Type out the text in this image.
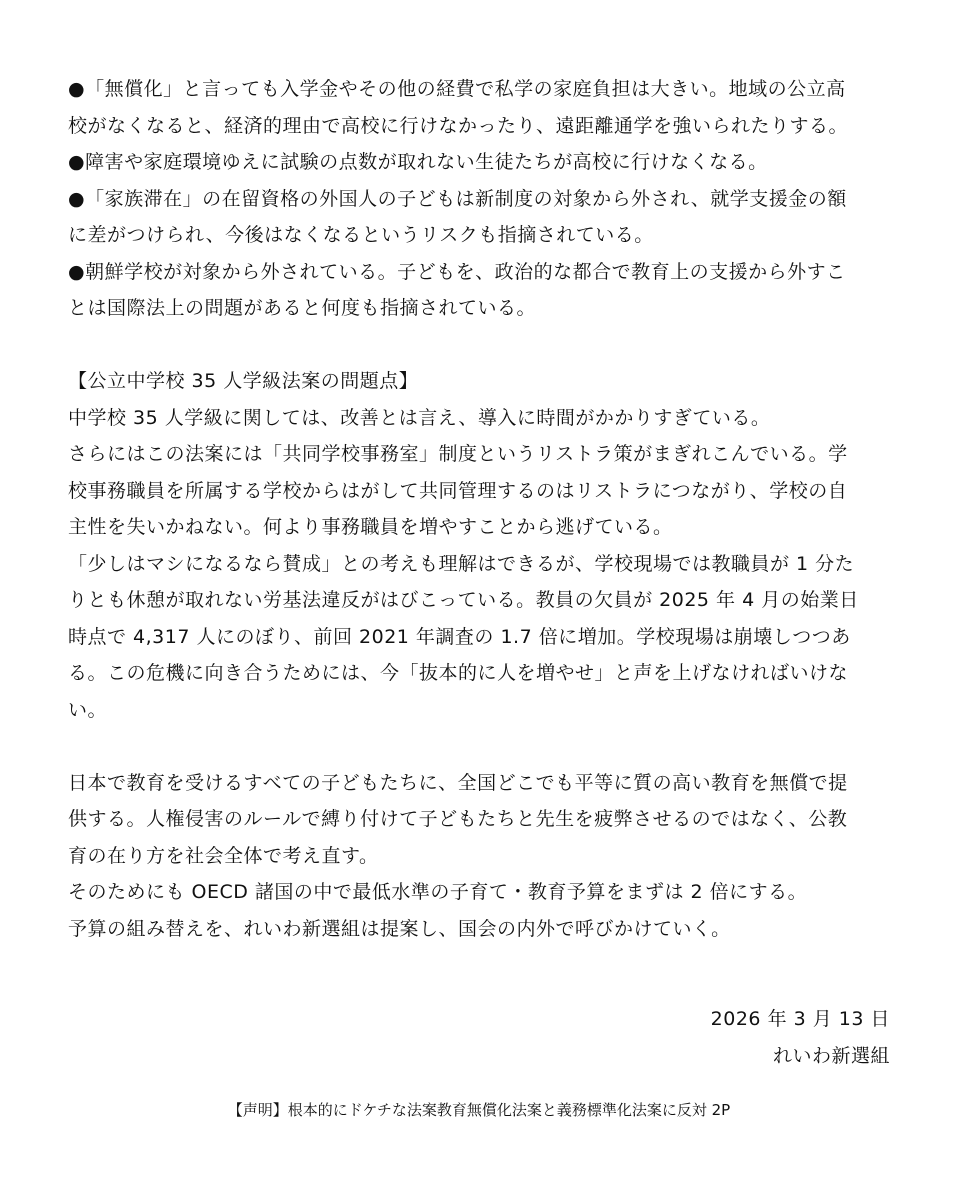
●「無償化」と言っても入学金やその他の経費で私学の家庭負担は大きい。地域の公立高
校がなくなると、経済的理由で高校に行けなかったり、遠距離通学を強いられたりする。
●障害や家庭環境ゆえに試験の点数が取れない生徒たちが高校に行けなくなる。
●「家族滞在」の在留資格の外国人の子どもは新制度の対象から外され、就学支援金の額
に差がつけられ、今後はなくなるというリスクも指摘されている。
●朝鮮学校が対象から外されている。子どもを、政治的な都合で教育上の支援から外すこ
とは国際法上の問題があると何度も指摘されている。
【公立中学校 35 人学級法案の問題点】
中学校 35 人学級に関しては、改善とは言え、導入に時間がかかりすぎている。
さらにはこの法案には「共同学校事務室」制度というリストラ策がまぎれこんでいる。学
校事務職員を所属する学校からはがして共同管理するのはリストラにつながり、学校の自
主性を失いかねない。何より事務職員を増やすことから逃げている。
「少しはマシになるなら賛成」との考えも理解はできるが、学校現場では教職員が 1 分た
りとも休憩が取れない労基法違反がはびこっている。教員の欠員が 2025 年 4 月の始業日
時点で 4,317 人にのぼり、前回 2021 年調査の 1.7 倍に増加。学校現場は崩壊しつつあ
る。この危機に向き合うためには、今「抜本的に人を増やせ」と声を上げなければいけな
い。
日本で教育を受けるすべての子どもたちに、全国どこでも平等に質の高い教育を無償で提
供する。人権侵害のルールで縛り付けて子どもたちと先生を疲弊させるのではなく、公教
育の在り方を社会全体で考え直す。
そのためにも OECD 諸国の中で最低水準の子育て・教育予算をまずは 2 倍にする。
予算の組み替えを、れいわ新選組は提案し、国会の内外で呼びかけていく。
2026 年 3 月 13 日
れいわ新選組
【声明】根本的にドケチな法案教育無償化法案と義務標準化法案に反対 2P
